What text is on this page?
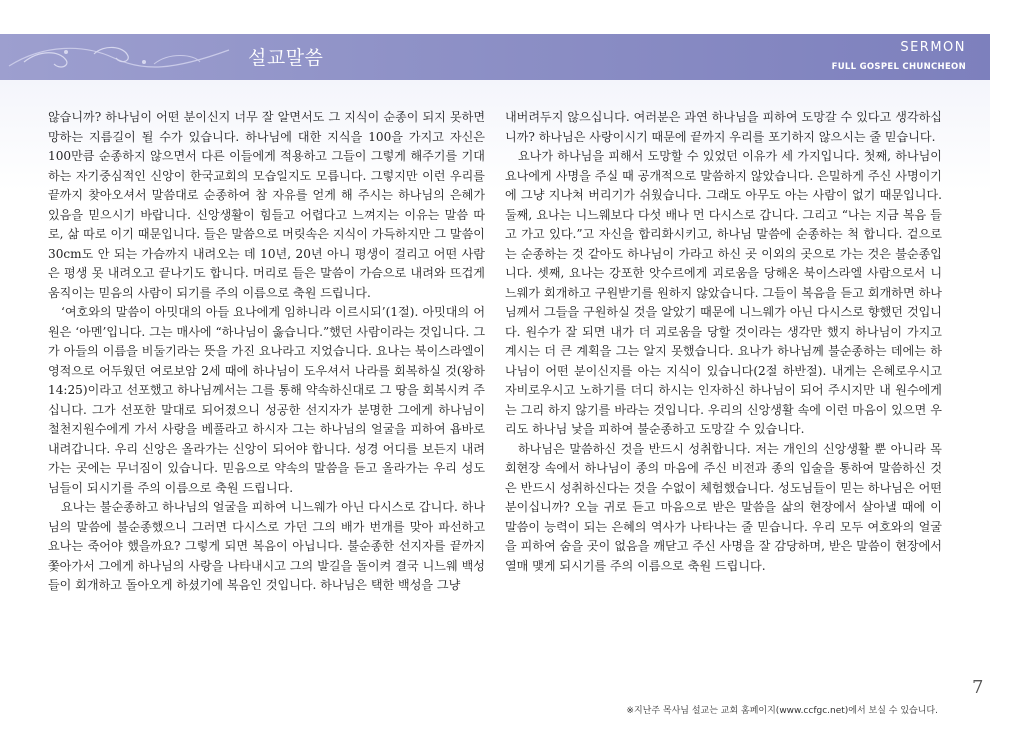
설교말씀	SERMON
FULL GOSPEL CHUNCHEON

않습니까? 하나님이 어떤 분이신지 너무 잘 알면서도 그 지식이 순종이 되지 못하면 망하는 지름길이 될 수가 있습니다. 하나님에 대한 지식을 100을 가지고 자신은 100만큼 순종하지 않으면서 다른 이들에게 적용하고 그들이 그렇게 해주기를 기대하는 자기중심적인 신앙이 한국교회의 모습일지도 모릅니다. 그렇지만 이런 우리를 끝까지 찾아오셔서 말씀대로 순종하여 참 자유를 얻게 해 주시는 하나님의 은혜가 있음을 믿으시기 바랍니다. 신앙생활이 힘들고 어렵다고 느껴지는 이유는 말씀 따로, 삶 따로 이기 때문입니다. 들은 말씀으로 머릿속은 지식이 가득하지만 그 말씀이 30cm도 안 되는 가슴까지 내려오는 데 10년, 20년 아니 평생이 걸리고 어떤 사람은 평생 못 내려오고 끝나기도 합니다. 머리로 들은 말씀이 가슴으로 내려와 뜨겁게 움직이는 믿음의 사람이 되기를 주의 이름으로 축원 드립니다.

‘여호와의 말씀이 아밋대의 아들 요나에게 임하니라 이르시되’(1절). 아밋대의 어원은 ‘아멘’입니다. 그는 매사에 “하나님이 옳습니다.”했던 사람이라는 것입니다. 그가 아들의 이름을 비둘기라는 뜻을 가진 요나라고 지었습니다. 요나는 북이스라엘이 영적으로 어두웠던 여로보암 2세 때에 하나님이 도우셔서 나라를 회복하실 것(왕하 14:25)이라고 선포했고 하나님께서는 그를 통해 약속하신대로 그 땅을 회복시켜 주십니다. 그가 선포한 말대로 되어졌으니 성공한 선지자가 분명한 그에게 하나님이 철천지원수에게 가서 사랑을 베풀라고 하시자 그는 하나님의 얼굴을 피하여 욥바로 내려갑니다. 우리 신앙은 올라가는 신앙이 되어야 합니다. 성경 어디를 보든지 내려가는 곳에는 무너짐이 있습니다. 믿음으로 약속의 말씀을 듣고 올라가는 우리 성도님들이 되시기를 주의 이름으로 축원 드립니다.

요나는 불순종하고 하나님의 얼굴을 피하여 니느웨가 아닌 다시스로 갑니다. 하나님의 말씀에 불순종했으니 그러면 다시스로 가던 그의 배가 번개를 맞아 파선하고 요나는 죽어야 했을까요? 그렇게 되면 복음이 아닙니다. 불순종한 선지자를 끝까지 쫓아가서 그에게 하나님의 사랑을 나타내시고 그의 발길을 돌이켜 결국 니느웨 백성들이 회개하고 돌아오게 하셨기에 복음인 것입니다. 하나님은 택한 백성을 그냥

내버려두지 않으십니다. 여러분은 과연 하나님을 피하여 도망갈 수 있다고 생각하십니까? 하나님은 사랑이시기 때문에 끝까지 우리를 포기하지 않으시는 줄 믿습니다.

요나가 하나님을 피해서 도망할 수 있었던 이유가 세 가지입니다. 첫째, 하나님이 요나에게 사명을 주실 때 공개적으로 말씀하지 않았습니다. 은밀하게 주신 사명이기에 그냥 지나쳐 버리기가 쉬웠습니다. 그래도 아무도 아는 사람이 없기 때문입니다. 둘째, 요나는 니느웨보다 다섯 배나 먼 다시스로 갑니다. 그리고 “나는 지금 복음 들고 가고 있다.”고 자신을 합리화시키고, 하나님 말씀에 순종하는 척 합니다. 겉으로는 순종하는 것 같아도 하나님이 가라고 하신 곳 이외의 곳으로 가는 것은 불순종입니다. 셋째, 요나는 강포한 앗수르에게 괴로움을 당해온 북이스라엘 사람으로서 니느웨가 회개하고 구원받기를 원하지 않았습니다. 그들이 복음을 듣고 회개하면 하나님께서 그들을 구원하실 것을 알았기 때문에 니느웨가 아닌 다시스로 향했던 것입니다. 원수가 잘 되면 내가 더 괴로움을 당할 것이라는 생각만 했지 하나님이 가지고 계시는 더 큰 계획을 그는 알지 못했습니다. 요나가 하나님께 불순종하는 데에는 하나님이 어떤 분이신지를 아는 지식이 있습니다(2절 하반절). 내게는 은혜로우시고 자비로우시고 노하기를 더디 하시는 인자하신 하나님이 되어 주시지만 내 원수에게는 그리 하지 않기를 바라는 것입니다. 우리의 신앙생활 속에 이런 마음이 있으면 우리도 하나님 낯을 피하여 불순종하고 도망갈 수 있습니다.

하나님은 말씀하신 것을 반드시 성취합니다. 저는 개인의 신앙생활 뿐 아니라 목회현장 속에서 하나님이 종의 마음에 주신 비전과 종의 입술을 통하여 말씀하신 것은 반드시 성취하신다는 것을 수없이 체험했습니다. 성도님들이 믿는 하나님은 어떤 분이십니까? 오늘 귀로 듣고 마음으로 받은 말씀을 삶의 현장에서 살아낼 때에 이 말씀이 능력이 되는 은혜의 역사가 나타나는 줄 믿습니다. 우리 모두 여호와의 얼굴을 피하여 숨을 곳이 없음을 깨닫고 주신 사명을 잘 감당하며, 받은 말씀이 현장에서 열매 맺게 되시기를 주의 이름으로 축원 드립니다.

7
※지난주 목사님 설교는 교회 홈페이지(www.ccfgc.net)에서 보실 수 있습니다.
